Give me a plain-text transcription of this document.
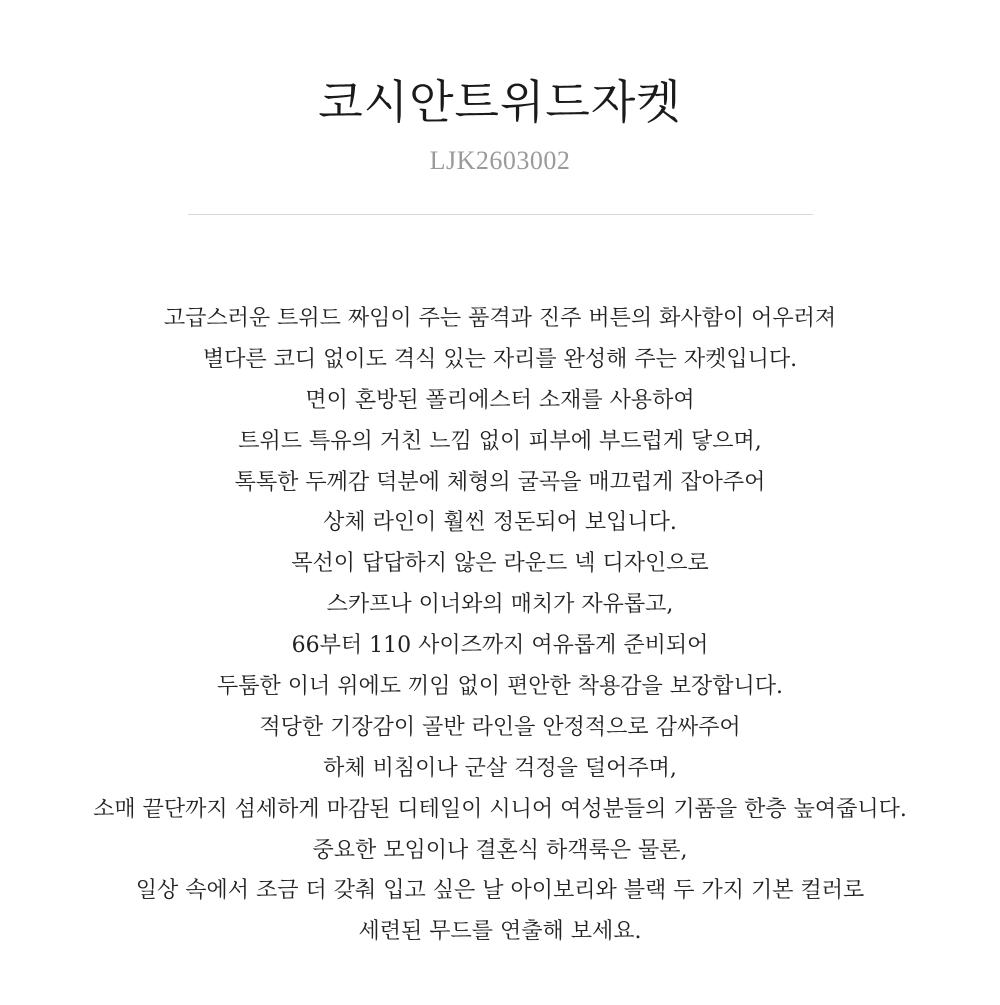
코시안트위드자켓
LJK2603002
고급스러운 트위드 짜임이 주는 품격과 진주 버튼의 화사함이 어우러져
별다른 코디 없이도 격식 있는 자리를 완성해 주는 자켓입니다.
면이 혼방된 폴리에스터 소재를 사용하여
트위드 특유의 거친 느낌 없이 피부에 부드럽게 닿으며,
톡톡한 두께감 덕분에 체형의 굴곡을 매끄럽게 잡아주어
상체 라인이 훨씬 정돈되어 보입니다.
목선이 답답하지 않은 라운드 넥 디자인으로
스카프나 이너와의 매치가 자유롭고,
66부터 110 사이즈까지 여유롭게 준비되어
두툼한 이너 위에도 끼임 없이 편안한 착용감을 보장합니다.
적당한 기장감이 골반 라인을 안정적으로 감싸주어
하체 비침이나 군살 걱정을 덜어주며,
소매 끝단까지 섬세하게 마감된 디테일이 시니어 여성분들의 기품을 한층 높여줍니다.
중요한 모임이나 결혼식 하객룩은 물론,
일상 속에서 조금 더 갖춰 입고 싶은 날 아이보리와 블랙 두 가지 기본 컬러로
세련된 무드를 연출해 보세요.
